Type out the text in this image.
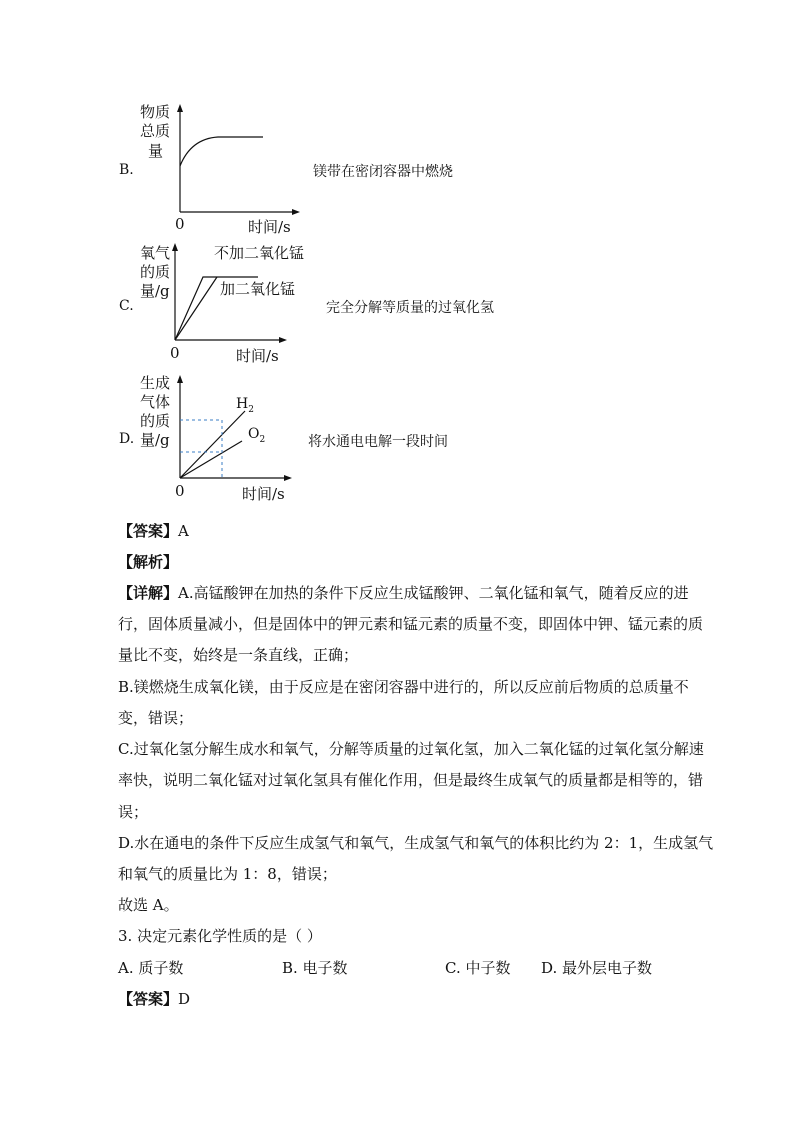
B.
物质
总质
量
0	时间/s
镁带在密闭容器中燃烧
C.
氧气
的质
量/g
不加二氧化锰
加二氧化锰
0	时间/s
完全分解等质量的过氧化氢
D.
生成
气体
的质
量/g
$H_2$
$O_2$
0	时间/s
将水通电电解一段时间
【答案】A
【解析】
【详解】A.高锰酸钾在加热的条件下反应生成锰酸钾、二氧化锰和氧气，随着反应的进
行，固体质量减小，但是固体中的钾元素和锰元素的质量不变，即固体中钾、锰元素的质
量比不变，始终是一条直线，正确；
B.镁燃烧生成氧化镁，由于反应是在密闭容器中进行的，所以反应前后物质的总质量不
变，错误；
C.过氧化氢分解生成水和氧气，分解等质量的过氧化氢，加入二氧化锰的过氧化氢分解速
率快，说明二氧化锰对过氧化氢具有催化作用，但是最终生成氧气的质量都是相等的，错
误；
D.水在通电的条件下反应生成氢气和氧气，生成氢气和氧气的体积比约为 2：1，生成氢气
和氧气的质量比为 1：8，错误；
故选 A。
3. 决定元素化学性质的是（ ）
A. 质子数	B. 电子数	C. 中子数 D. 最外层电子数
【答案】D
